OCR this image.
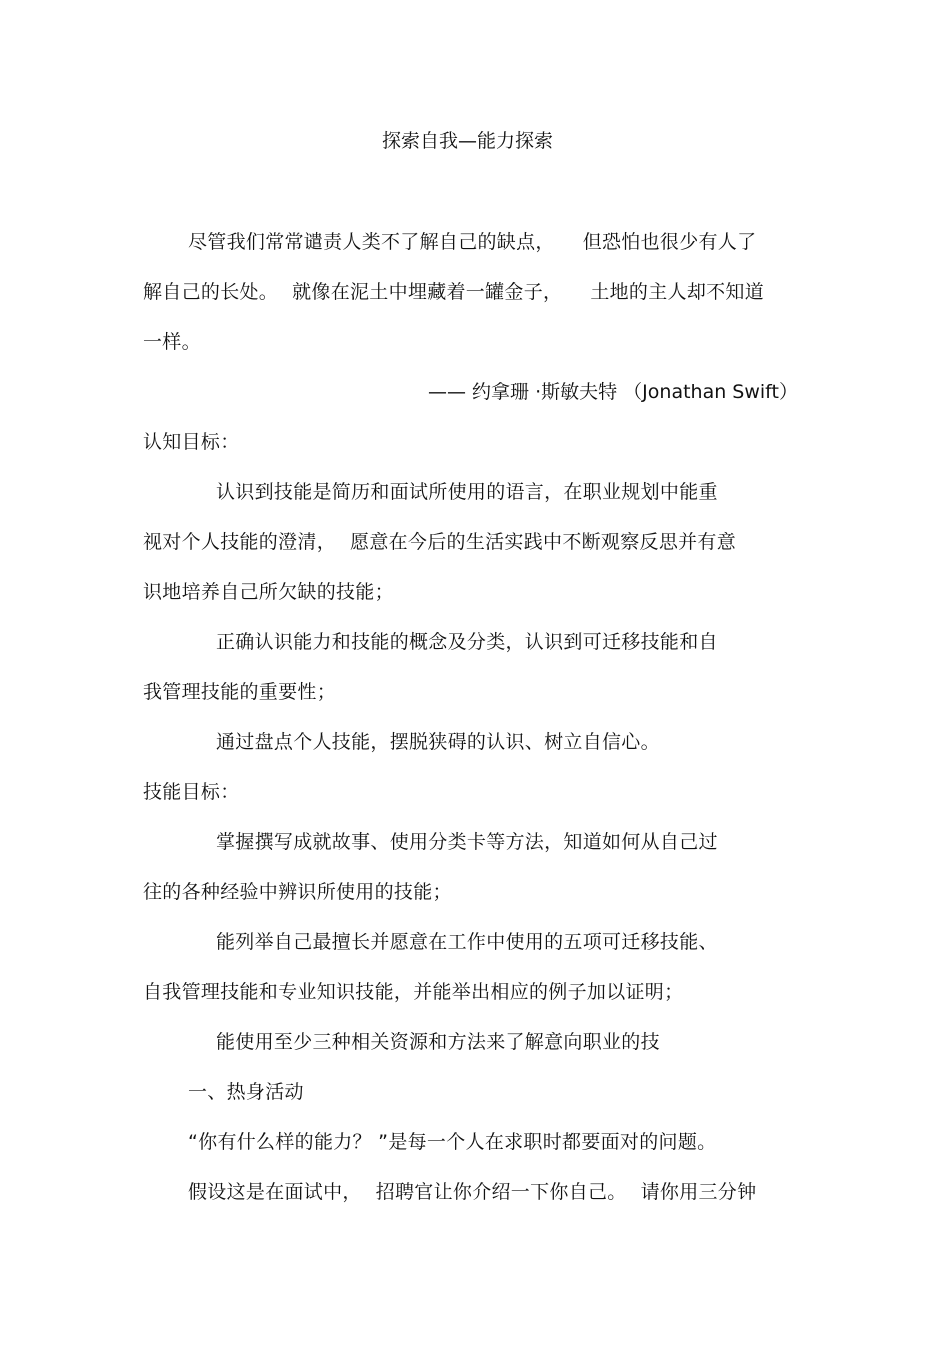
探索自我—能力探索
尽管我们常常谴责人类不了解自己的缺点， 但恐怕也很少有人了
解自己的长处。 就像在泥土中埋藏着一罐金子， 土地的主人却不知道
一样。
—— 约拿珊 ·斯敏夫特 （Jonathan Swift）
认知目标：
认识到技能是简历和面试所使用的语言，在职业规划中能重
视对个人技能的澄清， 愿意在今后的生活实践中不断观察反思并有意
识地培养自己所欠缺的技能；
正确认识能力和技能的概念及分类，认识到可迁移技能和自
我管理技能的重要性；
通过盘点个人技能，摆脱狭碍的认识、树立自信心。
技能目标：
掌握撰写成就故事、使用分类卡等方法，知道如何从自己过
往的各种经验中辨识所使用的技能；
能列举自己最擅长并愿意在工作中使用的五项可迁移技能、
自我管理技能和专业知识技能，并能举出相应的例子加以证明；
能使用至少三种相关资源和方法来了解意向职业的技
一、热身活动
“你有什么样的能力？ ”是每一个人在求职时都要面对的问题。
假设这是在面试中， 招聘官让你介绍一下你自己。 请你用三分钟
